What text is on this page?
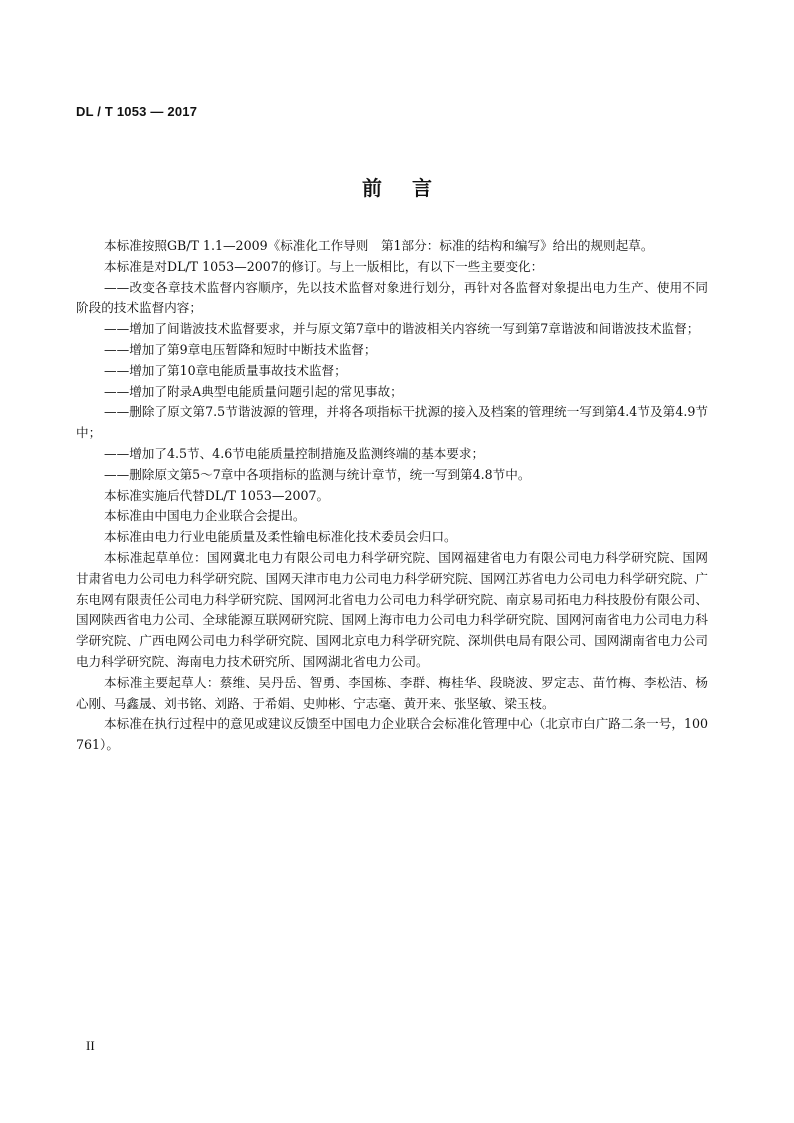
DL / T 1053 — 2017
前言

本标准按照GB/T 1.1—2009《标准化工作导则　第1部分：标准的结构和编写》给出的规则起草。

本标准是对DL/T 1053—2007的修订。与上一版相比，有以下一些主要变化：

——改变各章技术监督内容顺序，先以技术监督对象进行划分，再针对各监督对象提出电力生产、使用不同阶段的技术监督内容；

——增加了间谐波技术监督要求，并与原文第7章中的谐波相关内容统一写到第7章谐波和间谐波技术监督；

——增加了第9章电压暂降和短时中断技术监督；

——增加了第10章电能质量事故技术监督；

——增加了附录A典型电能质量问题引起的常见事故；

——删除了原文第7.5节谐波源的管理，并将各项指标干扰源的接入及档案的管理统一写到第4.4节及第4.9节中；

——增加了4.5节、4.6节电能质量控制措施及监测终端的基本要求；

——删除原文第5～7章中各项指标的监测与统计章节，统一写到第4.8节中。

本标准实施后代替DL/T 1053—2007。

本标准由中国电力企业联合会提出。

本标准由电力行业电能质量及柔性输电标准化技术委员会归口。

本标准起草单位：国网冀北电力有限公司电力科学研究院、国网福建省电力有限公司电力科学研究院、国网甘肃省电力公司电力科学研究院、国网天津市电力公司电力科学研究院、国网江苏省电力公司电力科学研究院、广东电网有限责任公司电力科学研究院、国网河北省电力公司电力科学研究院、南京易司拓电力科技股份有限公司、国网陕西省电力公司、全球能源互联网研究院、国网上海市电力公司电力科学研究院、国网河南省电力公司电力科学研究院、广西电网公司电力科学研究院、国网北京电力科学研究院、深圳供电局有限公司、国网湖南省电力公司电力科学研究院、海南电力技术研究所、国网湖北省电力公司。

本标准主要起草人：蔡维、吴丹岳、智勇、李国栋、李群、梅桂华、段晓波、罗定志、苗竹梅、李松洁、杨心刚、马鑫晟、刘书铭、刘路、于希娟、史帅彬、宁志毫、黄开来、张坚敏、梁玉枝。

本标准在执行过程中的意见或建议反馈至中国电力企业联合会标准化管理中心（北京市白广路二条一号，100761）。

II
